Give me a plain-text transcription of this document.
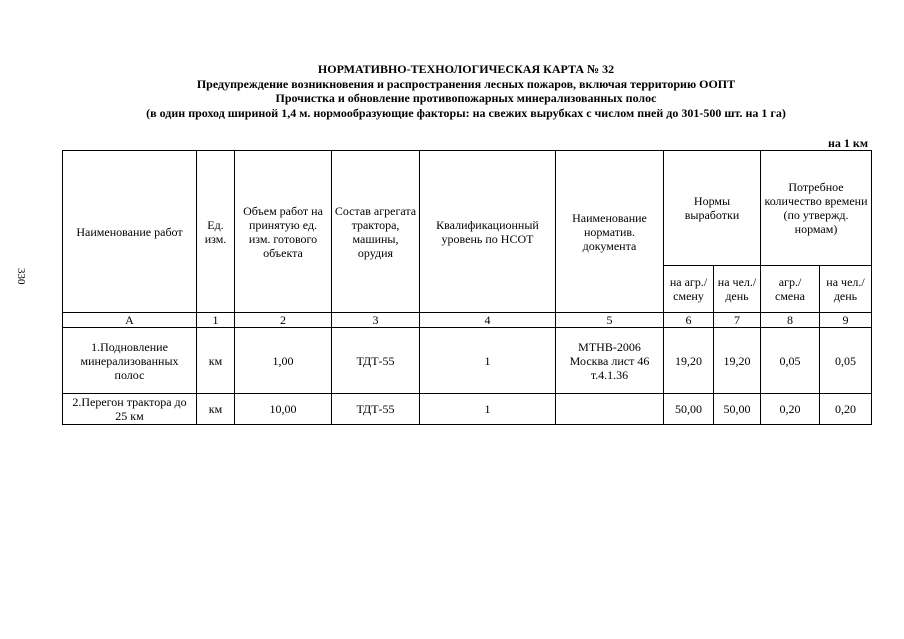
330
НОРМАТИВНО-ТЕХНОЛОГИЧЕСКАЯ КАРТА № 32
Предупреждение возникновения и распространения лесных пожаров, включая территорию ООПТ
Прочистка и обновление противопожарных минерализованных полос
(в один проход шириной 1,4 м. нормообразующие факторы: на свежих вырубках с числом пней до 301-500 шт. на 1 га)
на 1 км
Наименование работ	Ед. изм.	Объем работ на принятую ед. изм. готового объекта	Состав агрегата трактора, машины, орудия	Квалификационный уровень по НСОТ	Наименование норматив. документа	Нормы выработки		Потребное количество времени (по утвержд. нормам)	
						на агр./ смену	на чел./ день	агр./ смена	на чел./ день
А	1	2	3	4	5	6	7	8	9
1.Подновление минерализованных полос	км	1,00	ТДТ-55	1	МТНВ-2006 Москва лист 46 т.4.1.36	19,20	19,20	0,05	0,05
2.Перегон трактора до 25 км	км	10,00	ТДТ-55	1		50,00	50,00	0,20	0,20
